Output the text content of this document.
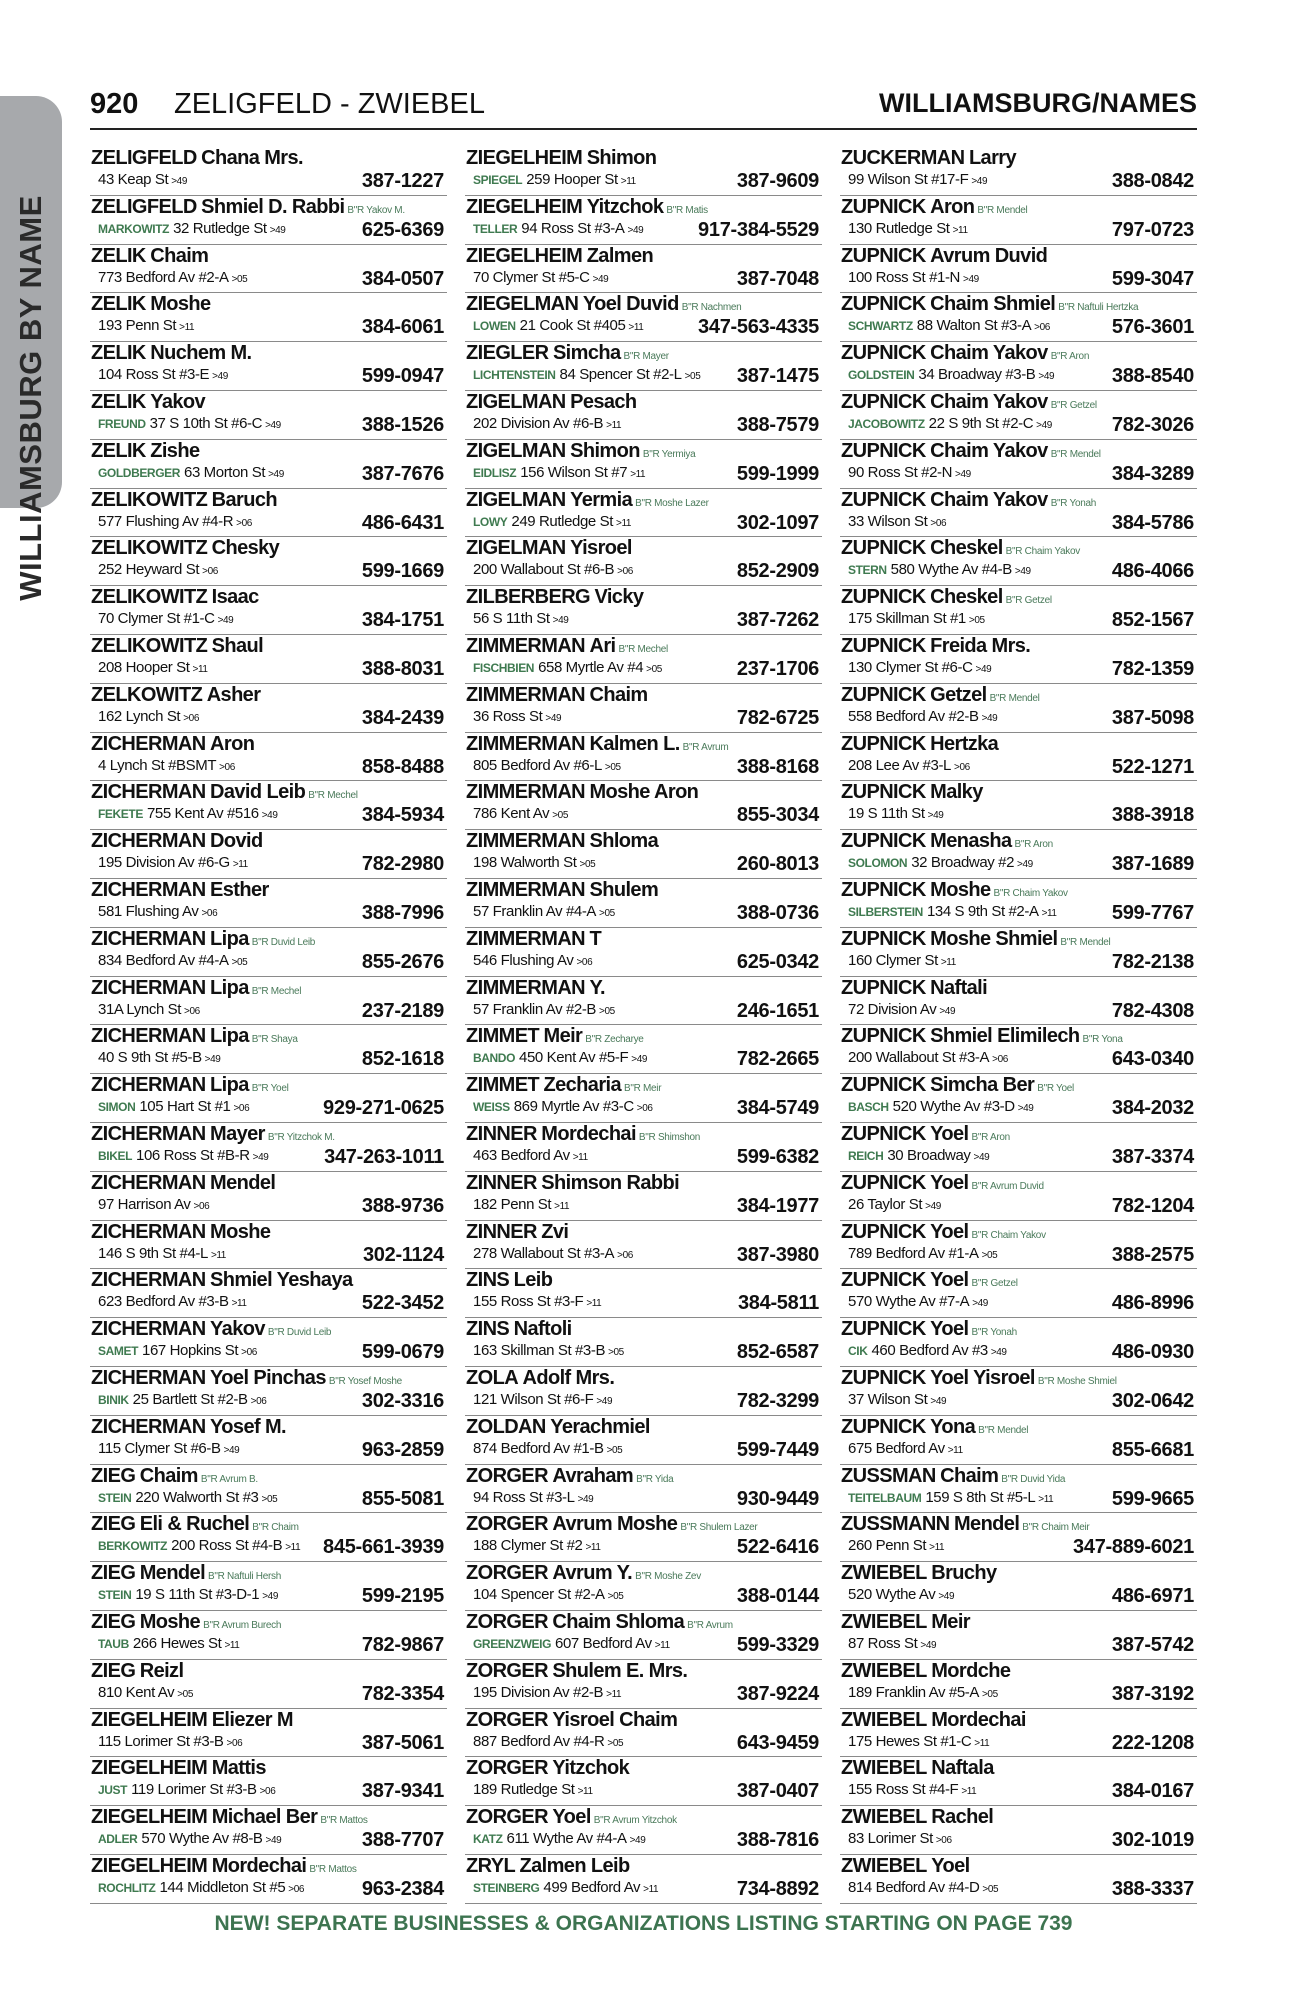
WILLIAMSBURG BY NAME
920 ZELIGFELD - ZWIEBEL	WILLIAMSBURG/NAMES
ZELIGFELD Chana Mrs.
43 Keap St >49	387-1227
ZELIGFELD Shmiel D. Rabbi B"R Yakov M.
MARKOWITZ 32 Rutledge St >49	625-6369
ZELIK Chaim
773 Bedford Av #2-A >05	384-0507
ZELIK Moshe
193 Penn St >11	384-6061
ZELIK Nuchem M.
104 Ross St #3-E >49	599-0947
ZELIK Yakov
FREUND 37 S 10th St #6-C >49	388-1526
ZELIK Zishe
GOLDBERGER 63 Morton St >49	387-7676
ZELIKOWITZ Baruch
577 Flushing Av #4-R >06	486-6431
ZELIKOWITZ Chesky
252 Heyward St >06	599-1669
ZELIKOWITZ Isaac
70 Clymer St #1-C >49	384-1751
ZELIKOWITZ Shaul
208 Hooper St >11	388-8031
ZELKOWITZ Asher
162 Lynch St >06	384-2439
ZICHERMAN Aron
4 Lynch St #BSMT >06	858-8488
ZICHERMAN David Leib B"R Mechel
FEKETE 755 Kent Av #516 >49	384-5934
ZICHERMAN Dovid
195 Division Av #6-G >11	782-2980
ZICHERMAN Esther
581 Flushing Av >06	388-7996
ZICHERMAN Lipa B"R Duvid Leib
834 Bedford Av #4-A >05	855-2676
ZICHERMAN Lipa B"R Mechel
31A Lynch St >06	237-2189
ZICHERMAN Lipa B"R Shaya
40 S 9th St #5-B >49	852-1618
ZICHERMAN Lipa B"R Yoel
SIMON 105 Hart St #1 >06	929-271-0625
ZICHERMAN Mayer B"R Yitzchok M.
BIKEL 106 Ross St #B-R >49	347-263-1011
ZICHERMAN Mendel
97 Harrison Av >06	388-9736
ZICHERMAN Moshe
146 S 9th St #4-L >11	302-1124
ZICHERMAN Shmiel Yeshaya
623 Bedford Av #3-B >11	522-3452
ZICHERMAN Yakov B"R Duvid Leib
SAMET 167 Hopkins St >06	599-0679
ZICHERMAN Yoel Pinchas B"R Yosef Moshe
BINIK 25 Bartlett St #2-B >06	302-3316
ZICHERMAN Yosef M.
115 Clymer St #6-B >49	963-2859
ZIEG Chaim B"R Avrum B.
STEIN 220 Walworth St #3 >05	855-5081
ZIEG Eli & Ruchel B"R Chaim
BERKOWITZ 200 Ross St #4-B >11 845-661-3939
ZIEG Mendel B"R Naftuli Hersh
STEIN 19 S 11th St #3-D-1 >49	599-2195
ZIEG Moshe B"R Avrum Burech
TAUB 266 Hewes St >11	782-9867
ZIEG Reizl
810 Kent Av >05	782-3354
ZIEGELHEIM Eliezer M
115 Lorimer St #3-B >06	387-5061
ZIEGELHEIM Mattis
JUST 119 Lorimer St #3-B >06	387-9341
ZIEGELHEIM Michael Ber B"R Mattos
ADLER 570 Wythe Av #8-B >49	388-7707
ZIEGELHEIM Mordechai B"R Mattos
ROCHLITZ 144 Middleton St #5 >06	963-2384
ZIEGELHEIM Shimon
SPIEGEL 259 Hooper St >11	387-9609
ZIEGELHEIM Yitzchok B"R Matis
TELLER 94 Ross St #3-A >49	917-384-5529
ZIEGELHEIM Zalmen
70 Clymer St #5-C >49	387-7048
ZIEGELMAN Yoel Duvid B"R Nachmen
LOWEN 21 Cook St #405 >11	347-563-4335
ZIEGLER Simcha B"R Mayer
LICHTENSTEIN 84 Spencer St #2-L >05 387-1475
ZIGELMAN Pesach
202 Division Av #6-B >11	388-7579
ZIGELMAN Shimon B"R Yermiya
EIDLISZ 156 Wilson St #7 >11	599-1999
ZIGELMAN Yermia B"R Moshe Lazer
LOWY 249 Rutledge St >11	302-1097
ZIGELMAN Yisroel
200 Wallabout St #6-B >06	852-2909
ZILBERBERG Vicky
56 S 11th St >49	387-7262
ZIMMERMAN Ari B"R Mechel
FISCHBIEN 658 Myrtle Av #4 >05	237-1706
ZIMMERMAN Chaim
36 Ross St >49	782-6725
ZIMMERMAN Kalmen L. B"R Avrum
805 Bedford Av #6-L >05	388-8168
ZIMMERMAN Moshe Aron
786 Kent Av >05	855-3034
ZIMMERMAN Shloma
198 Walworth St >05	260-8013
ZIMMERMAN Shulem
57 Franklin Av #4-A >05	388-0736
ZIMMERMAN T
546 Flushing Av >06	625-0342
ZIMMERMAN Y.
57 Franklin Av #2-B >05	246-1651
ZIMMET Meir B"R Zecharye
BANDO 450 Kent Av #5-F >49	782-2665
ZIMMET Zecharia B"R Meir
WEISS 869 Myrtle Av #3-C >06	384-5749
ZINNER Mordechai B"R Shimshon
463 Bedford Av >11	599-6382
ZINNER Shimson Rabbi
182 Penn St >11	384-1977
ZINNER Zvi
278 Wallabout St #3-A >06	387-3980
ZINS Leib
155 Ross St #3-F >11	384-5811
ZINS Naftoli
163 Skillman St #3-B >05	852-6587
ZOLA Adolf Mrs.
121 Wilson St #6-F >49	782-3299
ZOLDAN Yerachmiel
874 Bedford Av #1-B >05	599-7449
ZORGER Avraham B"R Yida
94 Ross St #3-L >49	930-9449
ZORGER Avrum Moshe B"R Shulem Lazer
188 Clymer St #2 >11	522-6416
ZORGER Avrum Y. B"R Moshe Zev
104 Spencer St #2-A >05	388-0144
ZORGER Chaim Shloma B"R Avrum
GREENZWEIG 607 Bedford Av >11	599-3329
ZORGER Shulem E. Mrs.
195 Division Av #2-B >11	387-9224
ZORGER Yisroel Chaim
887 Bedford Av #4-R >05	643-9459
ZORGER Yitzchok
189 Rutledge St >11	387-0407
ZORGER Yoel B"R Avrum Yitzchok
KATZ 611 Wythe Av #4-A >49	388-7816
ZRYL Zalmen Leib
STEINBERG 499 Bedford Av >11	734-8892
ZUCKERMAN Larry
99 Wilson St #17-F >49	388-0842
ZUPNICK Aron B"R Mendel
130 Rutledge St >11	797-0723
ZUPNICK Avrum Duvid
100 Ross St #1-N >49	599-3047
ZUPNICK Chaim Shmiel B"R Naftuli Hertzka
SCHWARTZ 88 Walton St #3-A >06	576-3601
ZUPNICK Chaim Yakov B"R Aron
GOLDSTEIN 34 Broadway #3-B >49	388-8540
ZUPNICK Chaim Yakov B"R Getzel
JACOBOWITZ 22 S 9th St #2-C >49	782-3026
ZUPNICK Chaim Yakov B"R Mendel
90 Ross St #2-N >49	384-3289
ZUPNICK Chaim Yakov B"R Yonah
33 Wilson St >06	384-5786
ZUPNICK Cheskel B"R Chaim Yakov
STERN 580 Wythe Av #4-B >49	486-4066
ZUPNICK Cheskel B"R Getzel
175 Skillman St #1 >05	852-1567
ZUPNICK Freida Mrs.
130 Clymer St #6-C >49	782-1359
ZUPNICK Getzel B"R Mendel
558 Bedford Av #2-B >49	387-5098
ZUPNICK Hertzka
208 Lee Av #3-L >06	522-1271
ZUPNICK Malky
19 S 11th St >49	388-3918
ZUPNICK Menasha B"R Aron
SOLOMON 32 Broadway #2 >49	387-1689
ZUPNICK Moshe B"R Chaim Yakov
SILBERSTEIN 134 S 9th St #2-A >11	599-7767
ZUPNICK Moshe Shmiel B"R Mendel
160 Clymer St >11	782-2138
ZUPNICK Naftali
72 Division Av >49	782-4308
ZUPNICK Shmiel Elimilech B"R Yona
200 Wallabout St #3-A >06	643-0340
ZUPNICK Simcha Ber B"R Yoel
BASCH 520 Wythe Av #3-D >49	384-2032
ZUPNICK Yoel B"R Aron
REICH 30 Broadway >49	387-3374
ZUPNICK Yoel B"R Avrum Duvid
26 Taylor St >49	782-1204
ZUPNICK Yoel B"R Chaim Yakov
789 Bedford Av #1-A >05	388-2575
ZUPNICK Yoel B"R Getzel
570 Wythe Av #7-A >49	486-8996
ZUPNICK Yoel B"R Yonah
CIK 460 Bedford Av #3 >49	486-0930
ZUPNICK Yoel Yisroel B"R Moshe Shmiel
37 Wilson St >49	302-0642
ZUPNICK Yona B"R Mendel
675 Bedford Av >11	855-6681
ZUSSMAN Chaim B"R Duvid Yida
TEITELBAUM 159 S 8th St #5-L >11	599-9665
ZUSSMANN Mendel B"R Chaim Meir
260 Penn St >11	347-889-6021
ZWIEBEL Bruchy
520 Wythe Av >49	486-6971
ZWIEBEL Meir
87 Ross St >49	387-5742
ZWIEBEL Mordche
189 Franklin Av #5-A >05	387-3192
ZWIEBEL Mordechai
175 Hewes St #1-C >11	222-1208
ZWIEBEL Naftala
155 Ross St #4-F >11	384-0167
ZWIEBEL Rachel
83 Lorimer St >06	302-1019
ZWIEBEL Yoel
814 Bedford Av #4-D >05	388-3337
NEW! SEPARATE BUSINESSES & ORGANIZATIONS LISTING STARTING ON PAGE 739
